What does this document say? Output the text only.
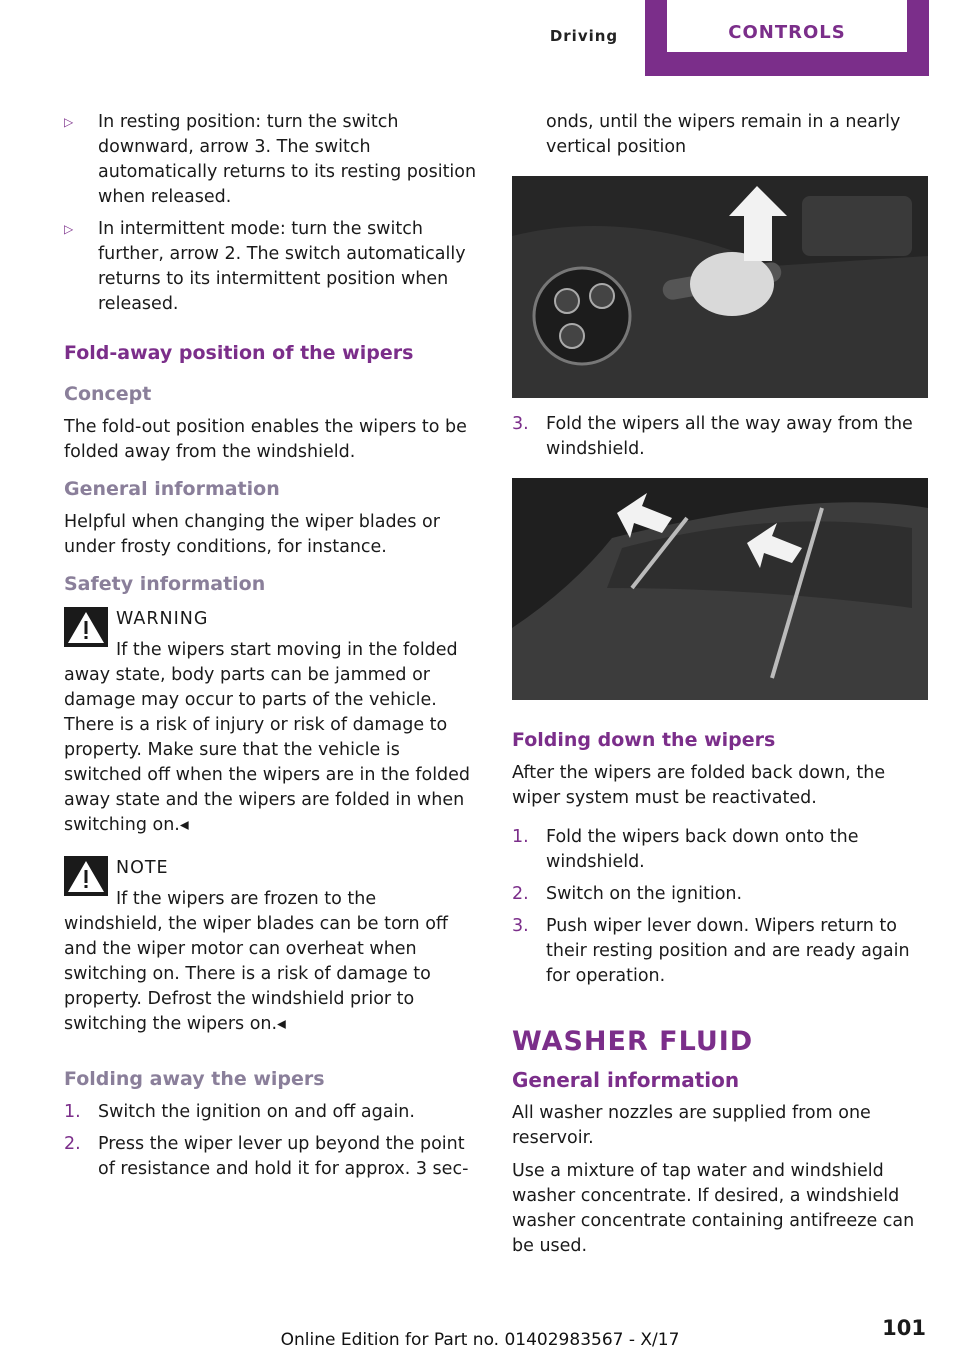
Driving	CONTROLS
▷	In resting position: turn the switch downward, arrow 3. The switch automatically returns to its resting position when released.
▷	In intermittent mode: turn the switch further, arrow 2. The switch automatically returns to its intermittent position when released.
Fold-away position of the wipers
Concept

The fold-out position enables the wipers to be folded away from the windshield.

General information

Helpful when changing the wiper blades or under frosty conditions, for instance.

Safety information
WARNING
If the wipers start moving in the folded away state, body parts can be jammed or damage may occur to parts of the vehicle. There is a risk of injury or risk of damage to property. Make sure that the vehicle is switched off when the wipers are in the folded away state and the wipers are folded in when switching on.◂
NOTE
If the wipers are frozen to the windshield, the wiper blades can be torn off and the wiper motor can overheat when switching on. There is a risk of damage to property. Defrost the windshield prior to switching the wipers on.◂
Folding away the wipers
1. Switch the ignition on and off again.
2. Press the wiper lever up beyond the point of resistance and hold it for approx. 3 sec-

onds, until the wipers remain in a nearly vertical position

3. Fold the wipers all the way away from the windshield.
Folding down the wipers

After the wipers are folded back down, the wiper system must be reactivated.

1. Fold the wipers back down onto the windshield.
2. Switch on the ignition.
3. Push wiper lever down. Wipers return to their resting position and are ready again for operation.
WASHER FLUID
General information

All washer nozzles are supplied from one reservoir.

Use a mixture of tap water and windshield washer concentrate. If desired, a windshield washer concentrate containing antifreeze can be used.

Online Edition for Part no. 01402983567 - X/17	101
